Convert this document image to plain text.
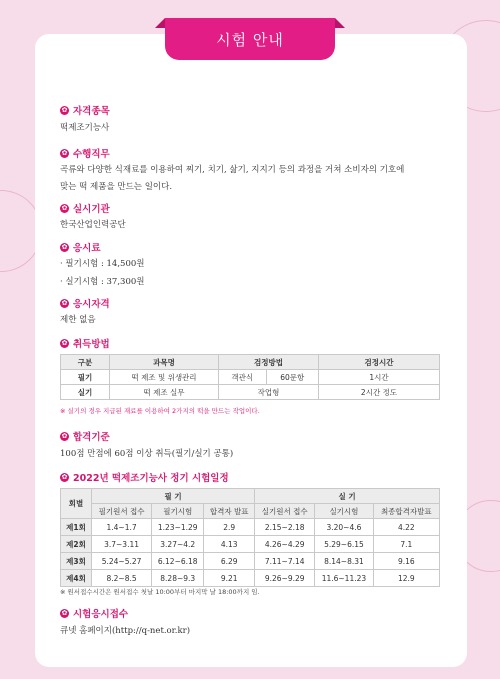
시험 안내
✿ 자격종목
떡제조기능사
✿ 수행직무
곡류와 다양한 식재료를 이용하여 찌기, 치기, 삶기, 지지기 등의 과정을 거쳐 소비자의 기호에
맞는 떡 제품을 만드는 일이다.
✿ 실시기관
한국산업인력공단
✿ 응시료
· 필기시험 : 14,500원
· 실기시험 : 37,300원
✿ 응시자격
제한 없음
✿ 취득방법
구분	과목명	검정방법		검정시간
필기	떡 제조 및 위생관리	객관식	60문항	1시간
실기	떡 제조 실무	작업형		2시간 정도
※ 실기의 경우 지급된 재료를 이용하여 2가지의 떡을 만드는 작업이다.
✿ 합격기준
100점 만점에 60점 이상 취득(필기/실기 공통)
✿ 2022년 떡제조기능사 정기 시험일정
회별	필 기			실 기		
	필기원서 접수	필기시험	합격자 발표	실기원서 접수	실기시험	최종합격자발표
제1회	1.4~1.7	1.23~1.29	2.9	2.15~2.18	3.20~4.6	4.22
제2회	3.7~3.11	3.27~4.2	4.13	4.26~4.29	5.29~6.15	7.1
제3회	5.24~5.27	6.12~6.18	6.29	7.11~7.14	8.14~8.31	9.16
제4회	8.2~8.5	8.28~9.3	9.21	9.26~9.29	11.6~11.23	12.9
※ 원서접수시간은 원서접수 첫날 10:00부터 마지막 날 18:00까지 임.
✿ 시험응시접수
큐넷 홈페이지(http://q-net.or.kr)
